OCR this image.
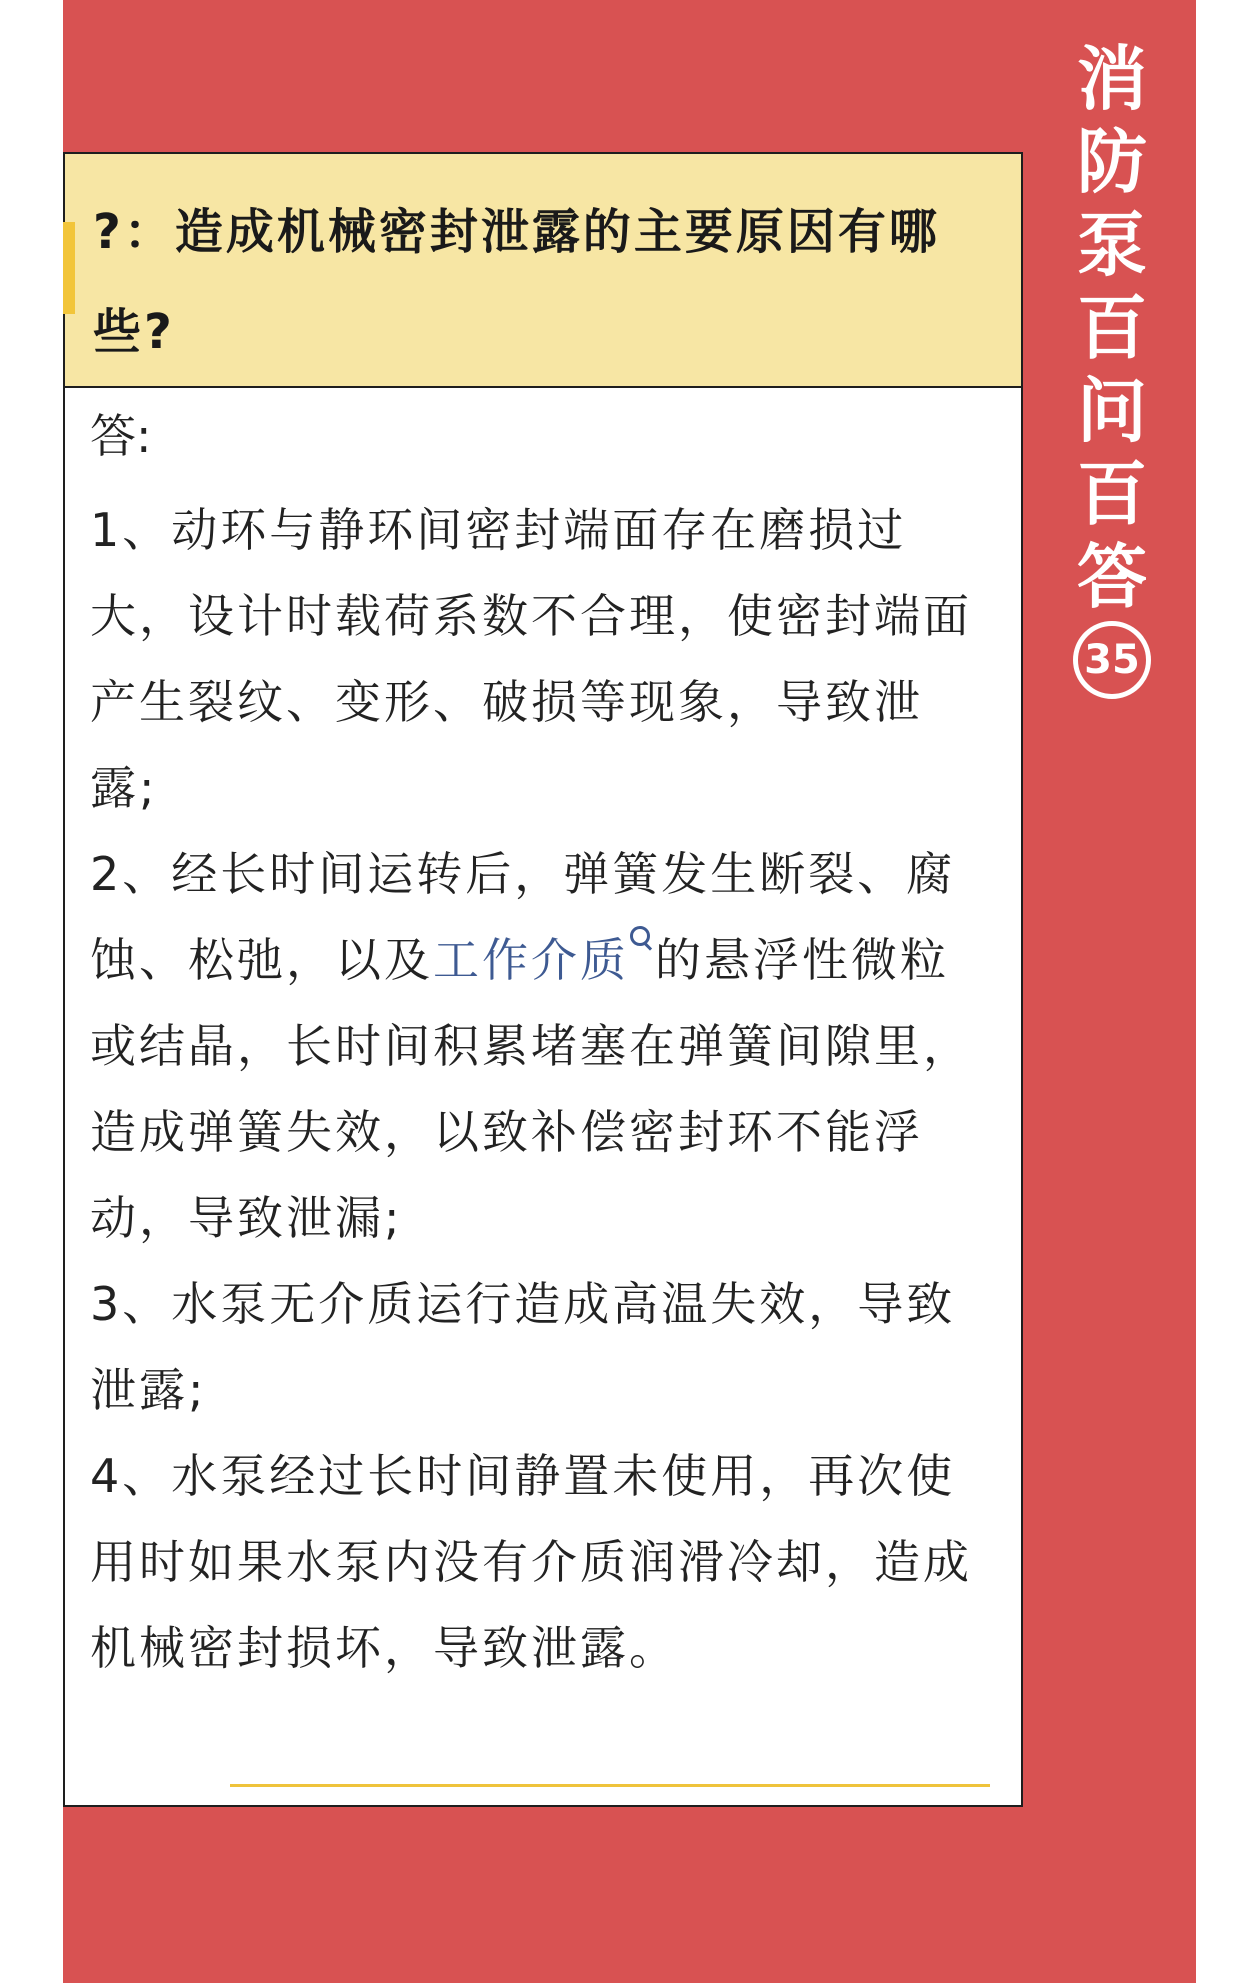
?：造成机械密封泄露的主要原因有哪些?
答:

1、动环与静环间密封端面存在磨损过大，设计时载荷系数不合理，使密封端面产生裂纹、变形、破损等现象，导致泄露;

2、经长时间运转后，弹簧发生断裂、腐蚀、松弛，以及工作介质 的悬浮性微粒或结晶，长时间积累堵塞在弹簧间隙里，造成弹簧失效，以致补偿密封环不能浮动，导致泄漏;

3、水泵无介质运行造成高温失效，导致泄露;

4、水泵经过长时间静置未使用，再次使用时如果水泵内没有介质润滑冷却，造成机械密封损坏，导致泄露。

消
防
泵
百
问
百
答
35
